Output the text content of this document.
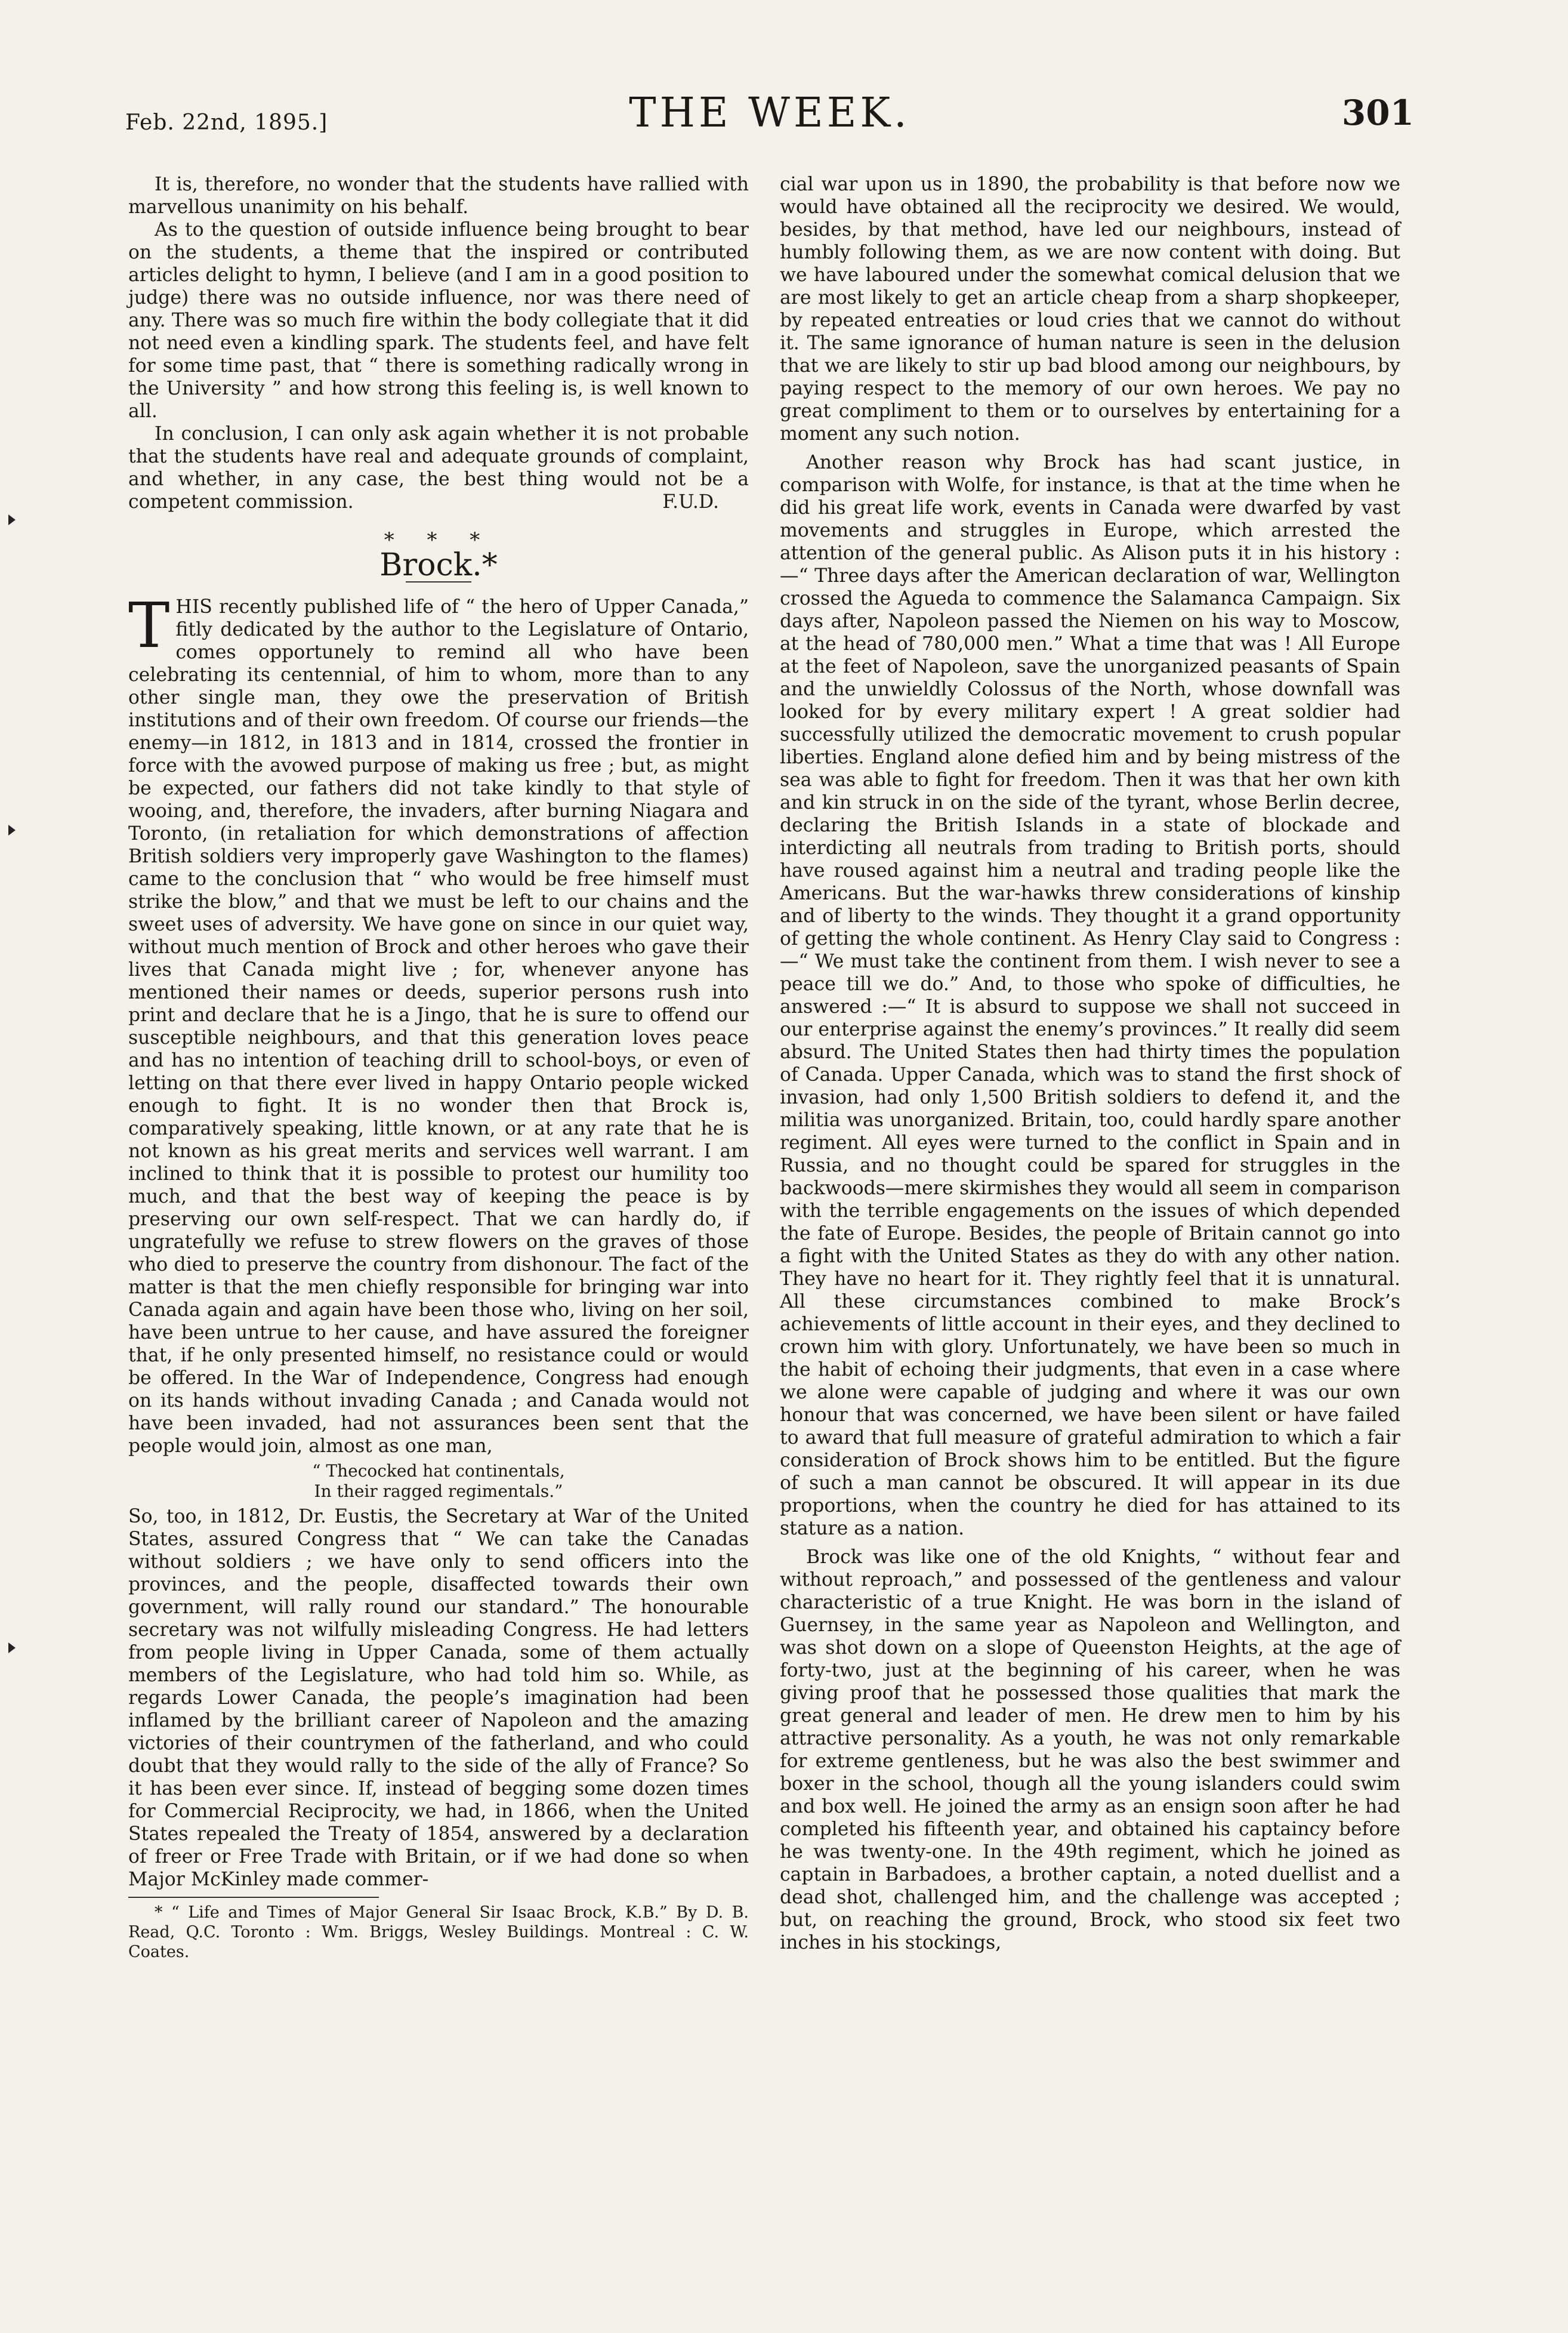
Feb. 22nd, 1895.]	THE WEEK.	301

It is, therefore, no wonder that the students have rallied with marvellous unanimity on his behalf.

As to the question of outside influence being brought to bear on the students, a theme that the inspired or contributed articles delight to hymn, I believe (and I am in a good position to judge) there was no outside influence, nor was there need of any. There was so much fire within the body collegiate that it did not need even a kindling spark. The students feel, and have felt for some time past, that “ there is something radically wrong in the University ” and how strong this feeling is, is well known to all.

In conclusion, I can only ask again whether it is not probable that the students have real and adequate grounds of complaint, and whether, in any case, the best thing would not be a competent commission.	F.U.D.

* * *
Brock.*

THIS recently published life of “ the hero of Upper Canada,” fitly dedicated by the author to the Legislature of Ontario, comes opportunely to remind all who have been celebrating its centennial, of him to whom, more than to any other single man, they owe the preservation of British institutions and of their own freedom. Of course our friends—the enemy—in 1812, in 1813 and in 1814, crossed the frontier in force with the avowed purpose of making us free ; but, as might be expected, our fathers did not take kindly to that style of wooing, and, therefore, the invaders, after burning Niagara and Toronto, (in retaliation for which demonstrations of affection British soldiers very improperly gave Washington to the flames) came to the conclusion that “ who would be free himself must strike the blow,” and that we must be left to our chains and the sweet uses of adversity. We have gone on since in our quiet way, without much mention of Brock and other heroes who gave their lives that Canada might live ; for, whenever anyone has mentioned their names or deeds, superior persons rush into print and declare that he is a Jingo, that he is sure to offend our susceptible neighbours, and that this generation loves peace and has no intention of teaching drill to school-boys, or even of letting on that there ever lived in happy Ontario people wicked enough to fight. It is no wonder then that Brock is, comparatively speaking, little known, or at any rate that he is not known as his great merits and services well warrant. I am inclined to think that it is possible to protest our humility too much, and that the best way of keeping the peace is by preserving our own self-respect. That we can hardly do, if ungratefully we refuse to strew flowers on the graves of those who died to preserve the country from dishonour. The fact of the matter is that the men chiefly responsible for bringing war into Canada again and again have been those who, living on her soil, have been untrue to her cause, and have assured the foreigner that, if he only presented himself, no resistance could or would be offered. In the War of Independence, Congress had enough on its hands without invading Canada ; and Canada would not have been invaded, had not assurances been sent that the people would join, almost as one man,

“ Thecocked hat continentals,
In their ragged regimentals.”

So, too, in 1812, Dr. Eustis, the Secretary at War of the United States, assured Congress that “ We can take the Canadas without soldiers ; we have only to send officers into the provinces, and the people, disaffected towards their own government, will rally round our standard.” The honourable secretary was not wilfully misleading Congress. He had letters from people living in Upper Canada, some of them actually members of the Legislature, who had told him so. While, as regards Lower Canada, the people’s imagination had been inflamed by the brilliant career of Napoleon and the amazing victories of their countrymen of the fatherland, and who could doubt that they would rally to the side of the ally of France? So it has been ever since. If, instead of begging some dozen times for Commercial Reciprocity, we had, in 1866, when the United States repealed the Treaty of 1854, answered by a declaration of freer or Free Trade with Britain, or if we had done so when Major McKinley made commer-

* “ Life and Times of Major General Sir Isaac Brock, K.B.” By D. B. Read, Q.C. Toronto : Wm. Briggs, Wesley Buildings. Montreal : C. W. Coates.

cial war upon us in 1890, the probability is that before now we would have obtained all the reciprocity we desired. We would, besides, by that method, have led our neighbours, instead of humbly following them, as we are now content with doing. But we have laboured under the somewhat comical delusion that we are most likely to get an article cheap from a sharp shopkeeper, by repeated entreaties or loud cries that we cannot do without it. The same ignorance of human nature is seen in the delusion that we are likely to stir up bad blood among our neighbours, by paying respect to the memory of our own heroes. We pay no great compliment to them or to ourselves by entertaining for a moment any such notion.

Another reason why Brock has had scant justice, in comparison with Wolfe, for instance, is that at the time when he did his great life work, events in Canada were dwarfed by vast movements and struggles in Europe, which arrested the attention of the general public. As Alison puts it in his history :—“ Three days after the American declaration of war, Wellington crossed the Agueda to commence the Salamanca Campaign. Six days after, Napoleon passed the Niemen on his way to Moscow, at the head of 780,000 men.” What a time that was ! All Europe at the feet of Napoleon, save the unorganized peasants of Spain and the unwieldly Colossus of the North, whose downfall was looked for by every military expert ! A great soldier had successfully utilized the democratic movement to crush popular liberties. England alone defied him and by being mistress of the sea was able to fight for freedom. Then it was that her own kith and kin struck in on the side of the tyrant, whose Berlin decree, declaring the British Islands in a state of blockade and interdicting all neutrals from trading to British ports, should have roused against him a neutral and trading people like the Americans. But the war-hawks threw considerations of kinship and of liberty to the winds. They thought it a grand opportunity of getting the whole continent. As Henry Clay said to Congress :—“ We must take the continent from them. I wish never to see a peace till we do.” And, to those who spoke of difficulties, he answered :—“ It is absurd to suppose we shall not succeed in our enterprise against the enemy’s provinces.” It really did seem absurd. The United States then had thirty times the population of Canada. Upper Canada, which was to stand the first shock of invasion, had only 1,500 British soldiers to defend it, and the militia was unorganized. Britain, too, could hardly spare another regiment. All eyes were turned to the conflict in Spain and in Russia, and no thought could be spared for struggles in the backwoods—mere skirmishes they would all seem in comparison with the terrible engagements on the issues of which depended the fate of Europe. Besides, the people of Britain cannot go into a fight with the United States as they do with any other nation. They have no heart for it. They rightly feel that it is unnatural. All these circumstances combined to make Brock’s achievements of little account in their eyes, and they declined to crown him with glory. Unfortunately, we have been so much in the habit of echoing their judgments, that even in a case where we alone were capable of judging and where it was our own honour that was concerned, we have been silent or have failed to award that full measure of grateful admiration to which a fair consideration of Brock shows him to be entitled. But the figure of such a man cannot be obscured. It will appear in its due proportions, when the country he died for has attained to its stature as a nation.

Brock was like one of the old Knights, “ without fear and without reproach,” and possessed of the gentleness and valour characteristic of a true Knight. He was born in the island of Guernsey, in the same year as Napoleon and Wellington, and was shot down on a slope of Queenston Heights, at the age of forty-two, just at the beginning of his career, when he was giving proof that he possessed those qualities that mark the great general and leader of men. He drew men to him by his attractive personality. As a youth, he was not only remarkable for extreme gentleness, but he was also the best swimmer and boxer in the school, though all the young islanders could swim and box well. He joined the army as an ensign soon after he had completed his fifteenth year, and obtained his captaincy before he was twenty-one. In the 49th regiment, which he joined as captain in Barbadoes, a brother captain, a noted duellist and a dead shot, challenged him, and the challenge was accepted ; but, on reaching the ground, Brock, who stood six feet two inches in his stockings,
